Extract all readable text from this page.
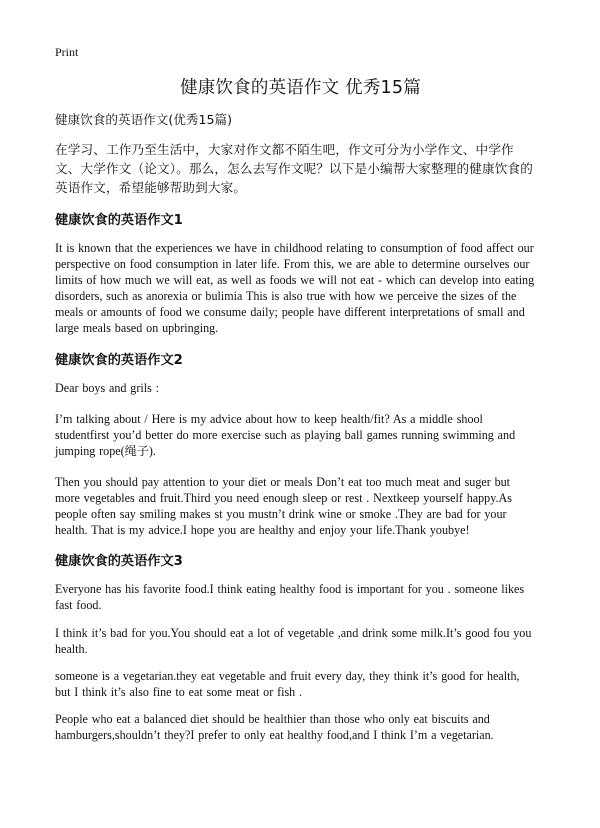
Print
健康饮食的英语作文 优秀15篇
健康饮食的英语作文(优秀15篇)

在学习、工作乃至生活中，大家对作文都不陌生吧，作文可分为小学作文、中学作文、大学作文（论文）。那么，怎么去写作文呢？以下是小编帮大家整理的健康饮食的英语作文，希望能够帮助到大家。

健康饮食的英语作文1

It is known that the experiences we have in childhood relating to consumption of food affect our perspective on food consumption in later life. From this, we are able to determine ourselves our limits of how much we will eat, as well as foods we will not eat - which can develop into eating disorders, such as anorexia or bulimia This is also true with how we perceive the sizes of the meals or amounts of food we consume daily; people have different interpretations of small and large meals based on upbringing.

健康饮食的英语作文2

Dear boys and grils :

I’m talking about / Here is my advice about how to keep health/fit? As a middle shool studentfirst you’d better do more exercise such as playing ball games running swimming and jumping rope(绳子).

Then you should pay attention to your diet or meals Don’t eat too much meat and suger but more vegetables and fruit.Third you need enough sleep or rest . Nextkeep yourself happy.As people often say smiling makes st you mustn’t drink wine or smoke .They are bad for your health. That is my advice.I hope you are healthy and enjoy your life.Thank youbye!

健康饮食的英语作文3

Everyone has his favorite food.I think eating healthy food is important for you . someone likes fast food.

I think it’s bad for you.You should eat a lot of vegetable ,and drink some milk.It’s good fou you health.

someone is a vegetarian.they eat vegetable and fruit every day, they think it’s good for health, but I think it’s also fine to eat some meat or fish .

People who eat a balanced diet should be healthier than those who only eat biscuits and hamburgers,shouldn’t they?I prefer to only eat healthy food,and I think I’m a vegetarian.
